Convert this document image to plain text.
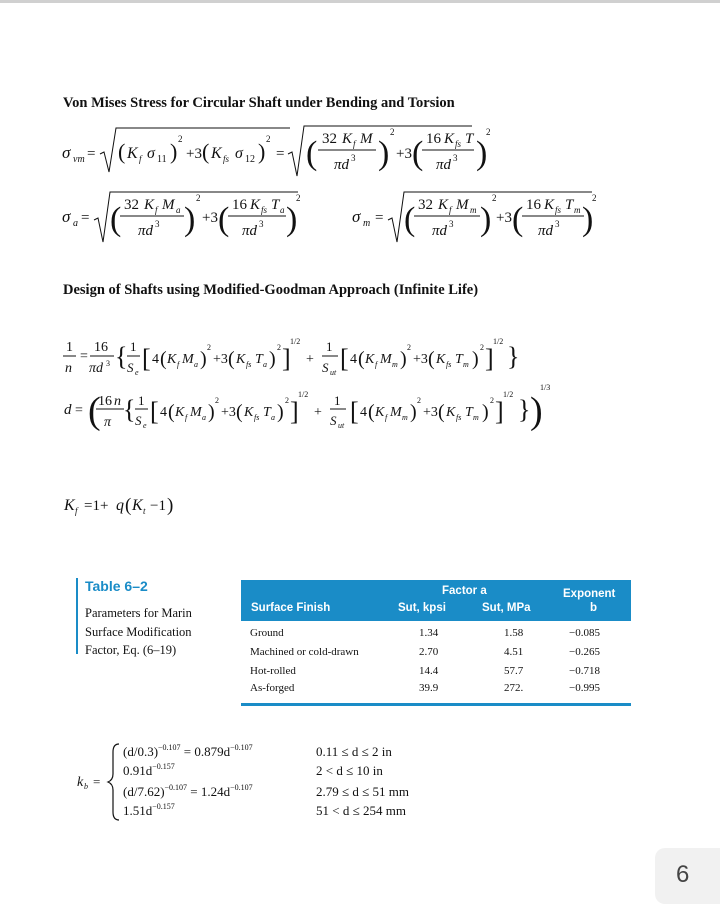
Von Mises Stress for Circular Shaft under Bending and Torsion
σ vm = ( K f σ 11 ) 2
+3 ( K fs σ 12 ) 2
= ( 32 K f M
πd 3 )
2
+3 ( 16 K fs T
πd 3 )
2
σ a = ( 32 K f M a
πd 3 )
2
+3 ( 16 K fs T a
πd 3 )
2
σ m = ( 32 K f M m
πd 3 )
2
+3 ( 16 K fs T m
πd 3 )
2
Design of Shafts using Modified-Goodman Approach (Infinite Life)
1
n
=
16
πd 3 { 1
S e [ 4 ( K f M a )
2
+3 ( K fs T a )
2 ]
1/2
+
1
S ut [ 4 ( K f M m )
2
+3 ( K fs T m )
2 ]
1/2
}
d = (
16 n
π { 1
S e [ 4 ( K f M a )
2
+3 ( K fs T a )
2 ]
1/2
+
1
S ut [ 4 ( K f M m )
2
+3 ( K fs T m )
2 ]
1/2
} )
1/3
K f =1+ q ( K t −1 )
Table 6–2
Parameters for Marin
Surface Modification
Factor, Eq. (6–19)
Surface Finish
Factor a
Sut, kpsi	Sut, MPa
Exponent
b
Ground	1.34	1.58	−0.085
Machined or cold-drawn	2.70	4.51	−0.265
Hot-rolled	14.4	57.7	−0.718
As-forged	39.9	272.	−0.995
k b =
$(d/0.3)^{-0.107} = 0.879d^{-0.107}$
$0.91d^{-0.157}$
$(d/7.62)^{-0.107} = 1.24d^{-0.107}$
$1.51d^{-0.157}$
0.11 ≤ d ≤ 2 in
2 < d ≤ 10 in
2.79 ≤ d ≤ 51 mm
51 < d ≤ 254 mm
6
